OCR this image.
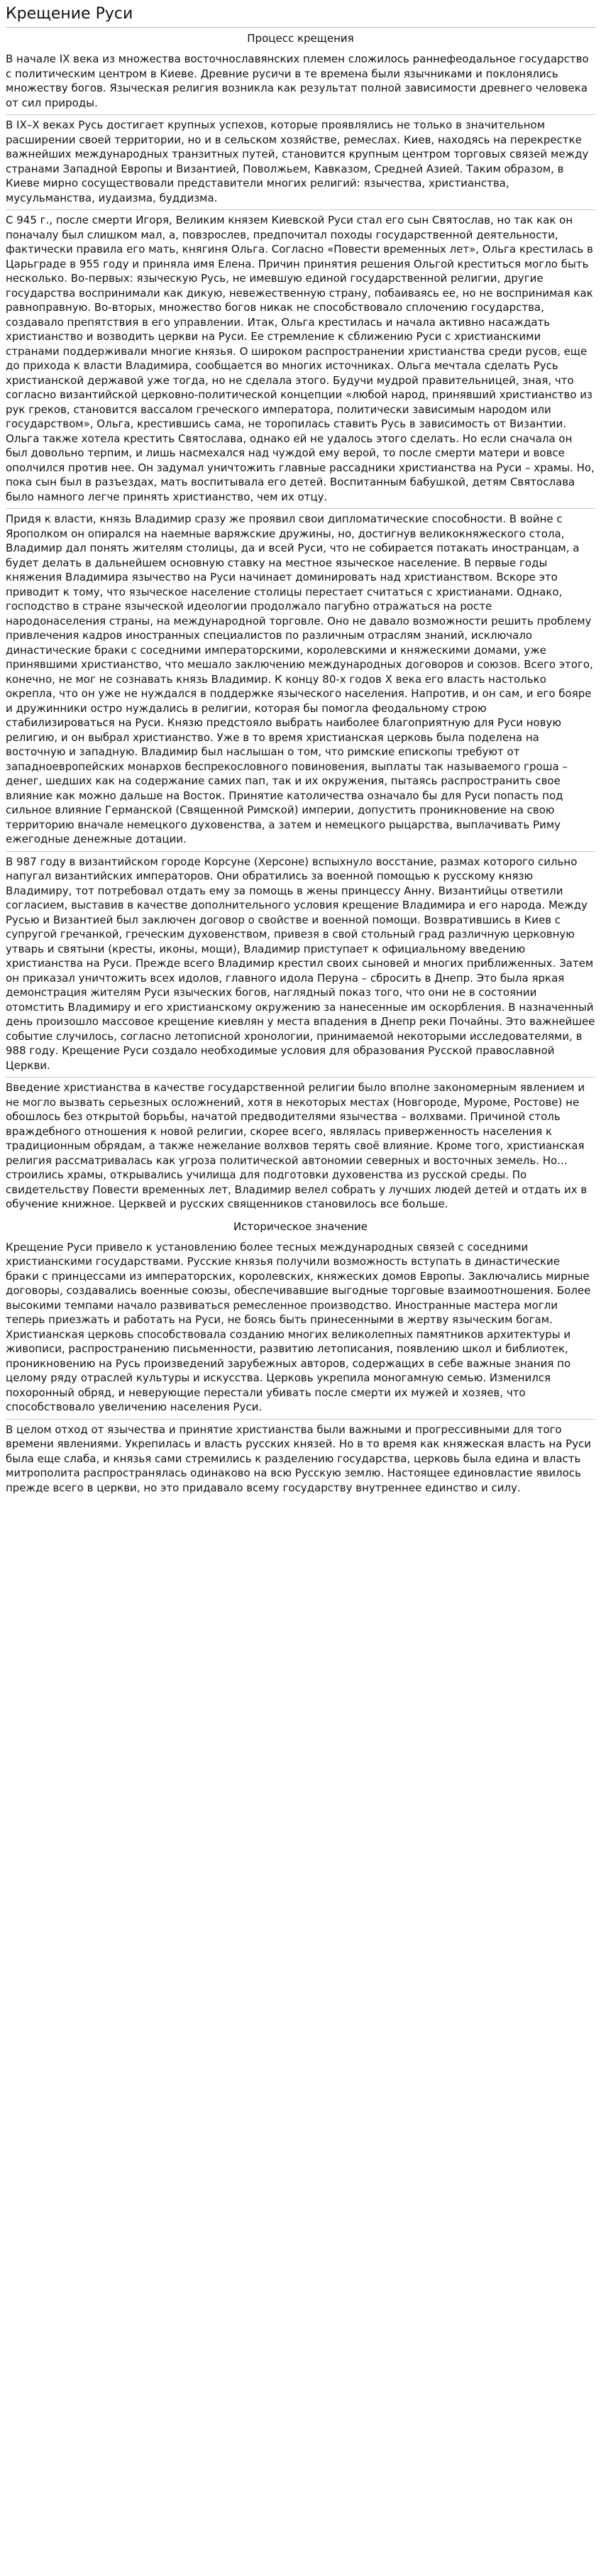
Крещение Руси
Процесс крещения

В начале IX века из множества восточнославянских племен сложилось раннефеодальное государство с политическим центром в Киеве. Древние русичи в те времена были язычниками и поклонялись множеству богов. Языческая религия возникла как результат полной зависимости древнего человека от сил природы.

В IX–X веках Русь достигает крупных успехов, которые проявлялись не только в значительном расширении своей территории, но и в сельском хозяйстве, ремеслах. Киев, находясь на перекрестке важнейших международных транзитных путей, становится крупным центром торговых связей между странами Западной Европы и Византией, Поволжьем, Кавказом, Средней Азией. Таким образом, в Киеве мирно сосуществовали представители многих религий: язычества, христианства, мусульманства, иудаизма, буддизма.

С 945 г., после смерти Игоря, Великим князем Киевской Руси стал его сын Святослав, но так как он поначалу был слишком мал, а, повзрослев, предпочитал походы государственной деятельности, фактически правила его мать, княгиня Ольга. Согласно «Повести временных лет», Ольга крестилась в Царьграде в 955 году и приняла имя Елена. Причин принятия решения Ольгой креститься могло быть несколько. Во-первых: языческую Русь, не имевшую единой государственной религии, другие государства воспринимали как дикую, невежественную страну, побаиваясь ее, но не воспринимая как равноправную. Во-вторых, множество богов никак не способствовало сплочению государства, создавало препятствия в его управлении. Итак, Ольга крестилась и начала активно насаждать христианство и возводить церкви на Руси. Ее стремление к сближению Руси с христианскими странами поддерживали многие князья. О широком распространении христианства среди русов, еще до прихода к власти Владимира, сообщается во многих источниках. Ольга мечтала сделать Русь христианской державой уже тогда, но не сделала этого. Будучи мудрой правительницей, зная, что согласно византийской церковно-политической концепции «любой народ, принявший христианство из рук греков, становится вассалом греческого императора, политически зависимым народом или государством», Ольга, крестившись сама, не торопилась ставить Русь в зависимость от Византии. Ольга также хотела крестить Святослава, однако ей не удалось этого сделать. Но если сначала он был довольно терпим, и лишь насмехался над чуждой ему верой, то после смерти матери и вовсе ополчился против нее. Он задумал уничтожить главные рассадники христианства на Руси – храмы. Но, пока сын был в разъездах, мать воспитывала его детей. Воспитанным бабушкой, детям Святослава было намного легче принять христианство, чем их отцу.

Придя к власти, князь Владимир сразу же проявил свои дипломатические способности. В войне с Ярополком он опирался на наемные варяжские дружины, но, достигнув великокняжеского стола, Владимир дал понять жителям столицы, да и всей Руси, что не собирается потакать иностранцам, а будет делать в дальнейшем основную ставку на местное языческое население. В первые годы княжения Владимира язычество на Руси начинает доминировать над христианством. Вскоре это приводит к тому, что языческое население столицы перестает считаться с христианами. Однако, господство в стране языческой идеологии продолжало пагубно отражаться на росте народонаселения страны, на международной торговле. Оно не давало возможности решить проблему привлечения кадров иностранных специалистов по различным отраслям знаний, исключало династические браки с соседними императорскими, королевскими и княжескими домами, уже принявшими христианство, что мешало заключению международных договоров и союзов. Всего этого, конечно, не мог не сознавать князь Владимир. К концу 80-х годов X века его власть настолько окрепла, что он уже не нуждался в поддержке языческого населения. Напротив, и он сам, и его бояре и дружинники остро нуждались в религии, которая бы помогла феодальному строю стабилизироваться на Руси. Князю предстояло выбрать наиболее благоприятную для Руси новую религию, и он выбрал христианство. Уже в то время христианская церковь была поделена на восточную и западную. Владимир был наслышан о том, что римские епископы требуют от западноевропейских монархов беспрекословного повиновения, выплаты так называемого гроша – денег, шедших как на содержание самих пап, так и их окружения, пытаясь распространить свое влияние как можно дальше на Восток. Принятие католичества означало бы для Руси попасть под сильное влияние Германской (Священной Римской) империи, допустить проникновение на свою территорию вначале немецкого духовенства, а затем и немецкого рыцарства, выплачивать Риму ежегодные денежные дотации.

В 987 году в византийском городе Корсуне (Херсоне) вспыхнуло восстание, размах которого сильно напугал византийских императоров. Они обратились за военной помощью к русскому князю Владимиру, тот потребовал отдать ему за помощь в жены принцессу Анну. Византийцы ответили согласием, выставив в качестве дополнительного условия крещение Владимира и его народа. Между Русью и Византией был заключен договор о свойстве и военной помощи. Возвратившись в Киев с супругой гречанкой, греческим духовенством, привезя в свой стольный град различную церковную утварь и святыни (кресты, иконы, мощи), Владимир приступает к официальному введению христианства на Руси. Прежде всего Владимир крестил своих сыновей и многих приближенных. Затем он приказал уничтожить всех идолов, главного идола Перуна – сбросить в Днепр. Это была яркая демонстрация жителям Руси языческих богов, наглядный показ того, что они не в состоянии отомстить Владимиру и его христианскому окружению за нанесенные им оскорбления. В назначенный день произошло массовое крещение киевлян у места впадения в Днепр реки Почайны. Это важнейшее событие случилось, согласно летописной хронологии, принимаемой некоторыми исследователями, в 988 году. Крещение Руси создало необходимые условия для образования Русской православной Церкви.

Введение христианства в качестве государственной религии было вполне закономерным явлением и не могло вызвать серьезных осложнений, хотя в некоторых местах (Новгороде, Муроме, Ростове) не обошлось без открытой борьбы, начатой предводителями язычества – волхвами. Причиной столь враждебного отношения к новой религии, скорее всего, являлась приверженность населения к традиционным обрядам, а также нежелание волхвов терять своё влияние. Кроме того, христианская религия рассматривалась как угроза политической автономии северных и восточных земель. Но... строились храмы, открывались училища для подготовки духовенства из русской среды. По свидетельству Повести временных лет, Владимир велел собрать у лучших людей детей и отдать их в обучение книжное. Церквей и русских священников становилось все больше.

Историческое значение

Крещение Руси привело к установлению более тесных международных связей с соседними христианскими государствами. Русские князья получили возможность вступать в династические браки с принцессами из императорских, королевских, княжеских домов Европы. Заключались мирные договоры, создавались военные союзы, обеспечивавшие выгодные торговые взаимоотношения. Более высокими темпами начало развиваться ремесленное производство. Иностранные мастера могли теперь приезжать и работать на Руси, не боясь быть принесенными в жертву языческим богам. Христианская церковь способствовала созданию многих великолепных памятников архитектуры и живописи, распространению письменности, развитию летописания, появлению школ и библиотек, проникновению на Русь произведений зарубежных авторов, содержащих в себе важные знания по целому ряду отраслей культуры и искусства. Церковь укрепила моногамную семью. Изменился похоронный обряд, и неверующие перестали убивать после смерти их мужей и хозяев, что способствовало увеличению населения Руси.

В целом отход от язычества и принятие христианства были важными и прогрессивными для того времени явлениями. Укрепилась и власть русских князей. Но в то время как княжеская власть на Руси была еще слаба, и князья сами стремились к разделению государства, церковь была едина и власть митрополита распространялась одинаково на всю Русскую землю. Настоящее единовластие явилось прежде всего в церкви, но это придавало всему государству внутреннее единство и силу.
